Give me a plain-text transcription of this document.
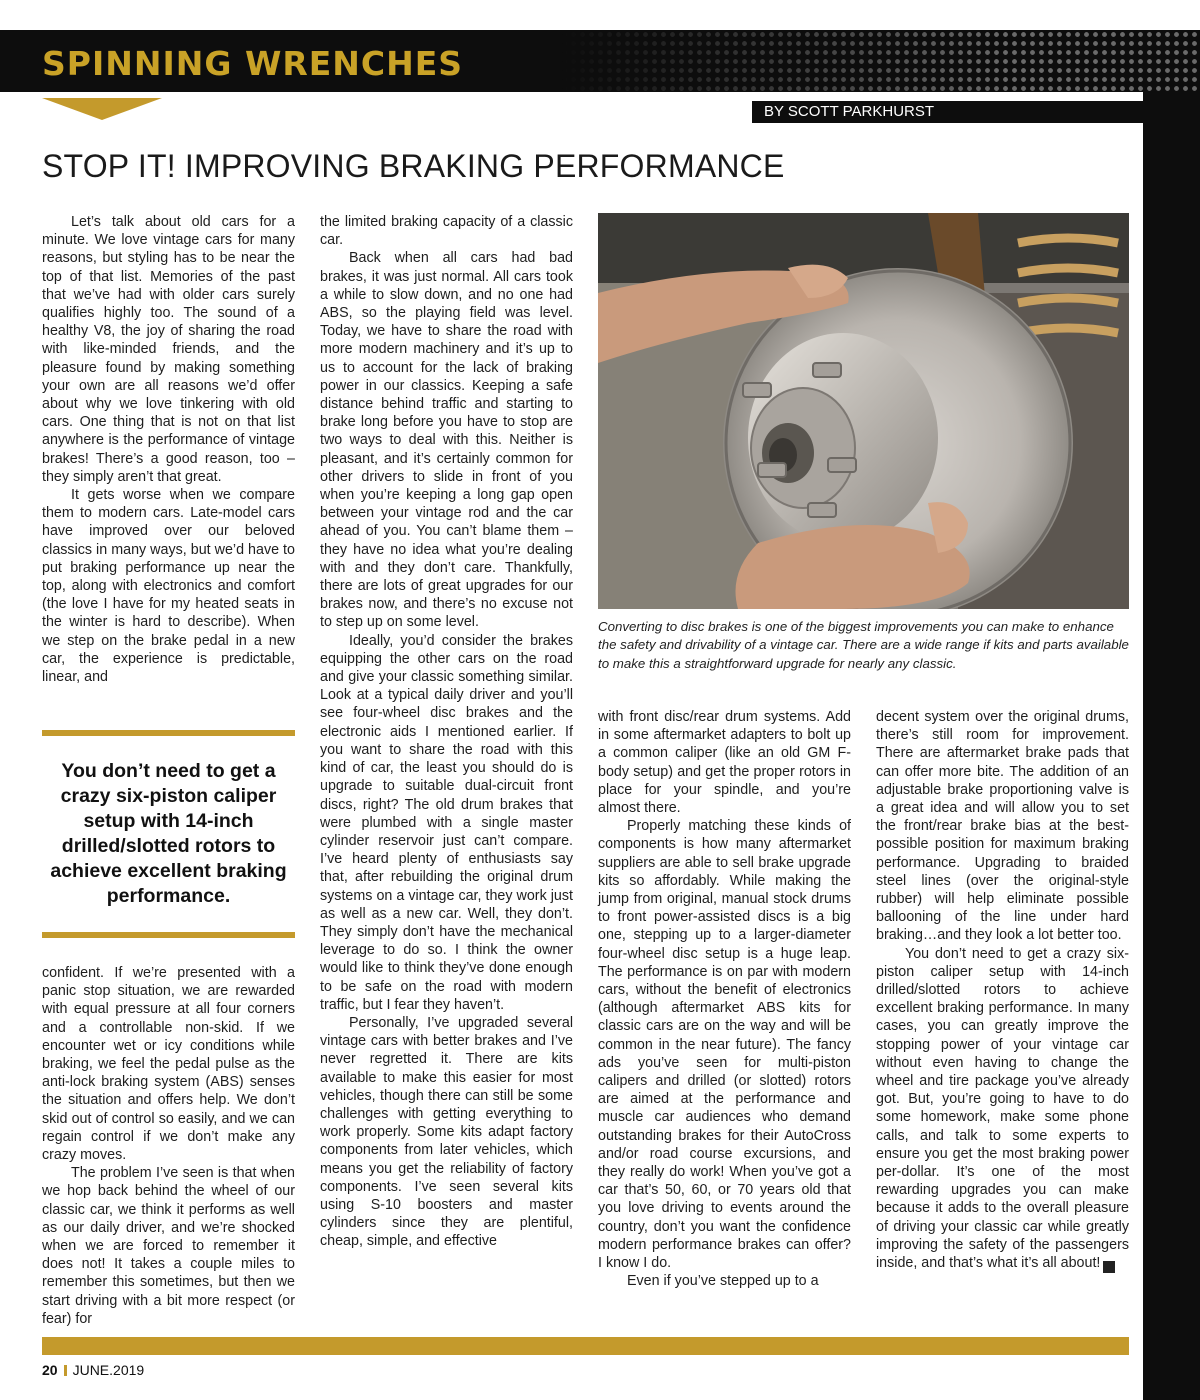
SPINNING WRENCHES
BY SCOTT PARKHURST
STOP IT! IMPROVING BRAKING PERFORMANCE

Let’s talk about old cars for a minute. We love vintage cars for many reasons, but styling has to be near the top of that list. Memories of the past that we’ve had with older cars surely qualifies highly too. The sound of a healthy V8, the joy of sharing the road with like-minded friends, and the pleasure found by making something your own are all reasons we’d offer about why we love tinkering with old cars. One thing that is not on that list anywhere is the performance of vintage brakes! There’s a good reason, too – they simply aren’t that great.

It gets worse when we compare them to modern cars. Late-model cars have improved over our beloved classics in many ways, but we’d have to put braking performance up near the top, along with electronics and comfort (the love I have for my heated seats in the winter is hard to describe). When we step on the brake pedal in a new car, the experience is predictable, linear, and

You don’t need to get a crazy six-piston caliper setup with 14-inch drilled/slotted rotors to achieve excellent braking performance.

confident. If we’re presented with a panic stop situation, we are rewarded with equal pressure at all four corners and a controllable non-skid. If we encounter wet or icy conditions while braking, we feel the pedal pulse as the anti-lock braking system (ABS) senses the situation and offers help. We don’t skid out of control so easily, and we can regain control if we don’t make any crazy moves.

The problem I’ve seen is that when we hop back behind the wheel of our classic car, we think it performs as well as our daily driver, and we’re shocked when we are forced to remember it does not! It takes a couple miles to remember this sometimes, but then we start driving with a bit more respect (or fear) for

the limited braking capacity of a classic car.

Back when all cars had bad brakes, it was just normal. All cars took a while to slow down, and no one had ABS, so the playing field was level. Today, we have to share the road with more modern machinery and it’s up to us to account for the lack of braking power in our classics. Keeping a safe distance behind traffic and starting to brake long before you have to stop are two ways to deal with this. Neither is pleasant, and it’s certainly common for other drivers to slide in front of you when you’re keeping a long gap open between your vintage rod and the car ahead of you. You can’t blame them – they have no idea what you’re dealing with and they don’t care. Thankfully, there are lots of great upgrades for our brakes now, and there’s no excuse not to step up on some level.

Ideally, you’d consider the brakes equipping the other cars on the road and give your classic something similar. Look at a typical daily driver and you’ll see four-wheel disc brakes and the electronic aids I mentioned earlier. If you want to share the road with this kind of car, the least you should do is upgrade to suitable dual-circuit front discs, right? The old drum brakes that were plumbed with a single master cylinder reservoir just can’t compare. I’ve heard plenty of enthusiasts say that, after rebuilding the original drum systems on a vintage car, they work just as well as a new car. Well, they don’t. They simply don’t have the mechanical leverage to do so. I think the owner would like to think they’ve done enough to be safe on the road with modern traffic, but I fear they haven’t.

Personally, I’ve upgraded several vintage cars with better brakes and I’ve never regretted it. There are kits available to make this easier for most vehicles, though there can still be some challenges with getting everything to work properly. Some kits adapt factory components from later vehicles, which means you get the reliability of factory components. I’ve seen several kits using S-10 boosters and master cylinders since they are plentiful, cheap, simple, and effective

Converting to disc brakes is one of the biggest improvements you can make to enhance the safety and drivability of a vintage car. There are a wide range if kits and parts available to make this a straightforward upgrade for nearly any classic.

with front disc/rear drum systems. Add in some aftermarket adapters to bolt up a common caliper (like an old GM F-body setup) and get the proper rotors in place for your spindle, and you’re almost there.

Properly matching these kinds of components is how many aftermarket suppliers are able to sell brake upgrade kits so affordably. While making the jump from original, manual stock drums to front power-assisted discs is a big one, stepping up to a larger-diameter four-wheel disc setup is a huge leap. The performance is on par with modern cars, without the benefit of electronics (although aftermarket ABS kits for classic cars are on the way and will be common in the near future). The fancy ads you’ve seen for multi-piston calipers and drilled (or slotted) rotors are aimed at the performance and muscle car audiences who demand outstanding brakes for their AutoCross and/or road course excursions, and they really do work! When you’ve got a car that’s 50, 60, or 70 years old that you love driving to events around the country, don’t you want the confidence modern performance brakes can offer? I know I do.

Even if you’ve stepped up to a

decent system over the original drums, there’s still room for improvement. There are aftermarket brake pads that can offer more bite. The addition of an adjustable brake proportioning valve is a great idea and will allow you to set the front/rear brake bias at the best-possible position for maximum braking performance. Upgrading to braided steel lines (over the original-style rubber) will help eliminate possible ballooning of the line under hard braking…and they look a lot better too.

You don’t need to get a crazy six-piston caliper setup with 14-inch drilled/slotted rotors to achieve excellent braking performance. In many cases, you can greatly improve the stopping power of your vintage car without even having to change the wheel and tire package you’ve already got. But, you’re going to have to do some homework, make some phone calls, and talk to some experts to ensure you get the most braking power per-dollar. It’s one of the most rewarding upgrades you can make because it adds to the overall pleasure of driving your classic car while greatly improving the safety of the passengers inside, and that’s what it’s all about!	CC

20 JUNE.2019
